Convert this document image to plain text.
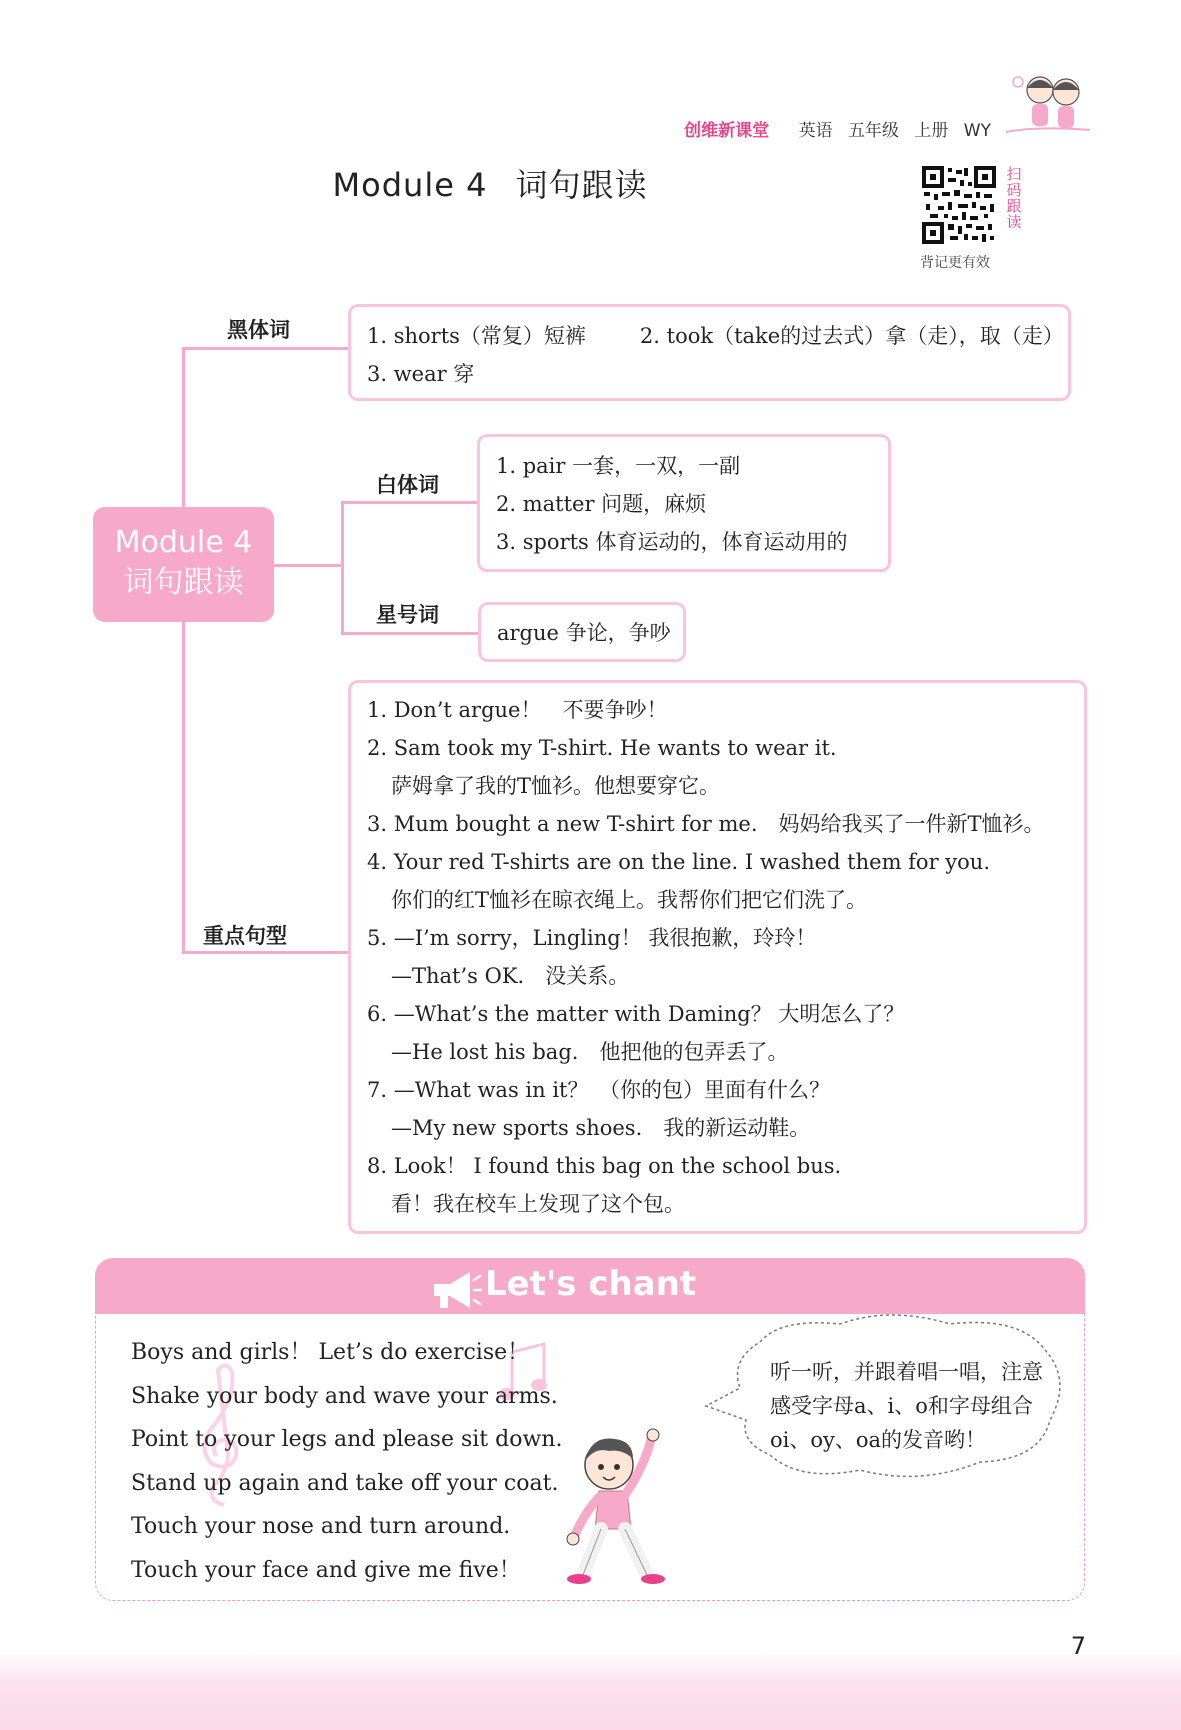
创维新课堂 英语 五年级 上册 WY
Module 4 词句跟读	扫
码
跟
读
背记更有效
Module 4
词句跟读
黑体词
白体词
星号词
重点句型
1. shorts（常复）短裤	2. took（take的过去式）拿（走），取（走）
3. wear 穿
1. pair 一套，一双，一副
2. matter 问题，麻烦
3. sports 体育运动的，体育运动用的
argue 争论，争吵
1. Don’t argue！　不要争吵！
2. Sam took my T-shirt. He wants to wear it.
萨姆拿了我的T恤衫。他想要穿它。
3. Mum bought a new T-shirt for me.　妈妈给我买了一件新T恤衫。
4. Your red T-shirts are on the line. I washed them for you.
你们的红T恤衫在晾衣绳上。我帮你们把它们洗了。
5. —I’m sorry，Lingling！ 我很抱歉，玲玲！
—That’s OK.　没关系。
6. —What’s the matter with Daming？ 大明怎么了？
—He lost his bag.　他把他的包弄丢了。
7. —What was in it？　（你的包）里面有什么？
—My new sports shoes.　我的新运动鞋。
8. Look！ I found this bag on the school bus.
看！我在校车上发现了这个包。
Let's chant
Boys and girls！ Let’s do exercise！
Shake your body and wave your arms.
Point to your legs and please sit down.
Stand up again and take off your coat.
Touch your nose and turn around.
Touch your face and give me five！
听一听，并跟着唱一唱，注意感受字母a、i、o和字母组合oi、oy、oa的发音哟！
7
